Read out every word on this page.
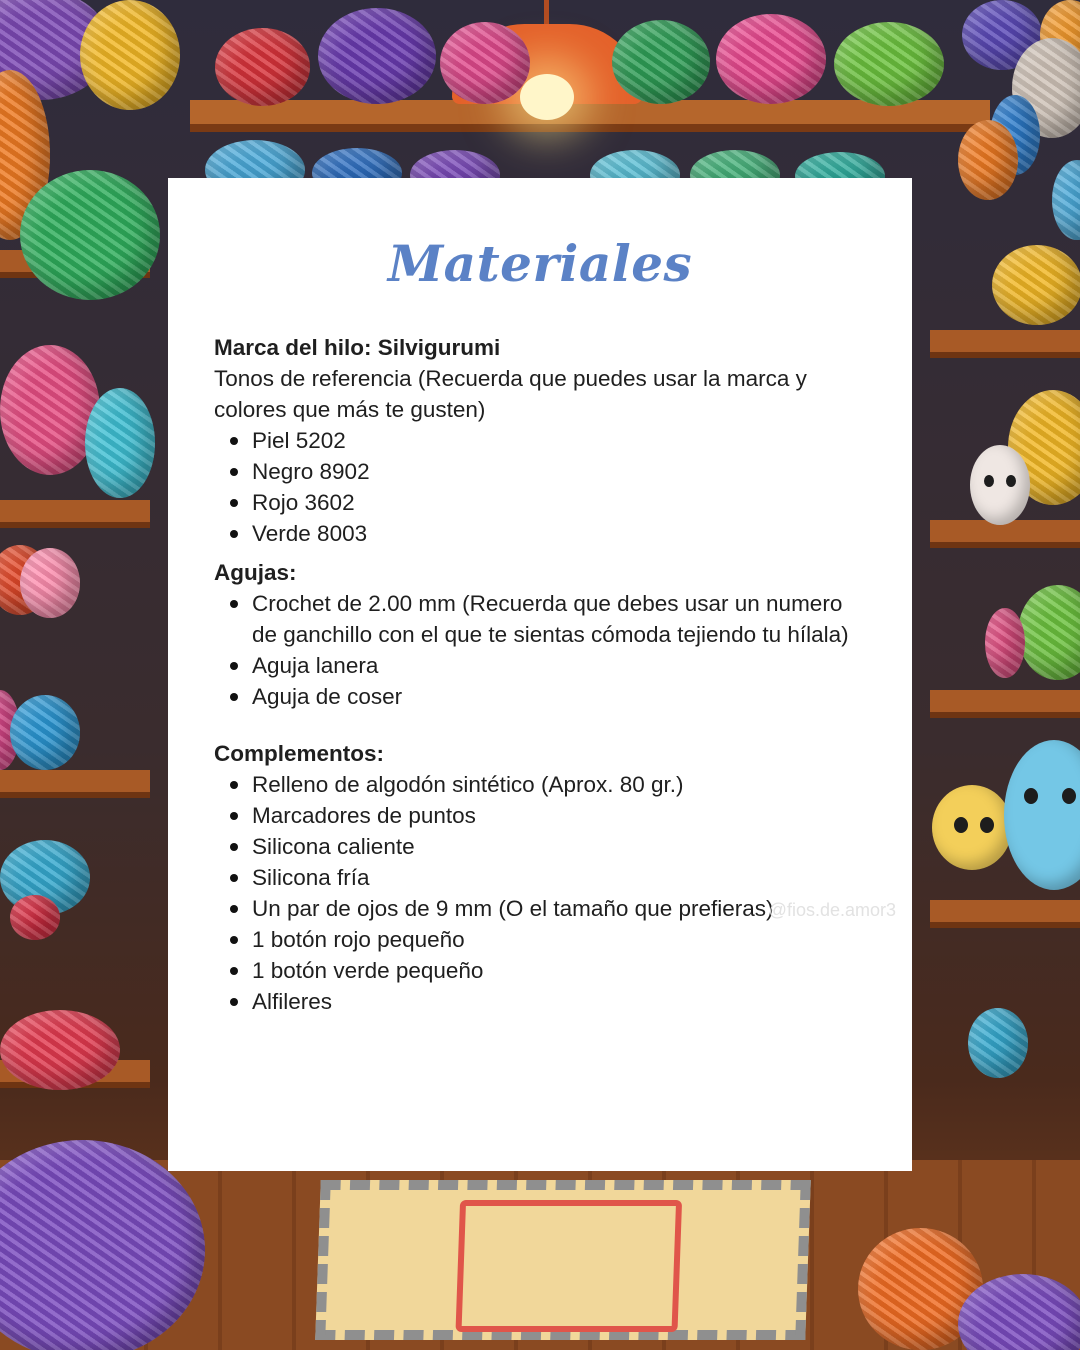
Materiales

Marca del hilo: Silvigurumi

Tonos de referencia (Recuerda que puedes usar la marca y colores que más te gusten)

Piel 5202
Negro 8902
Rojo 3602
Verde 8003

Agujas:

Crochet de 2.00 mm (Recuerda que debes usar un numero de ganchillo con el que te sientas cómoda tejiendo tu hílala)
Aguja lanera
Aguja de coser

Complementos:

Relleno de algodón sintético (Aprox. 80 gr.)
Marcadores de puntos
Silicona caliente
Silicona fría
Un par de ojos de 9 mm (O el tamaño que prefieras)
1 botón rojo pequeño
1 botón verde pequeño
Alfileres
@fios.de.amor3
